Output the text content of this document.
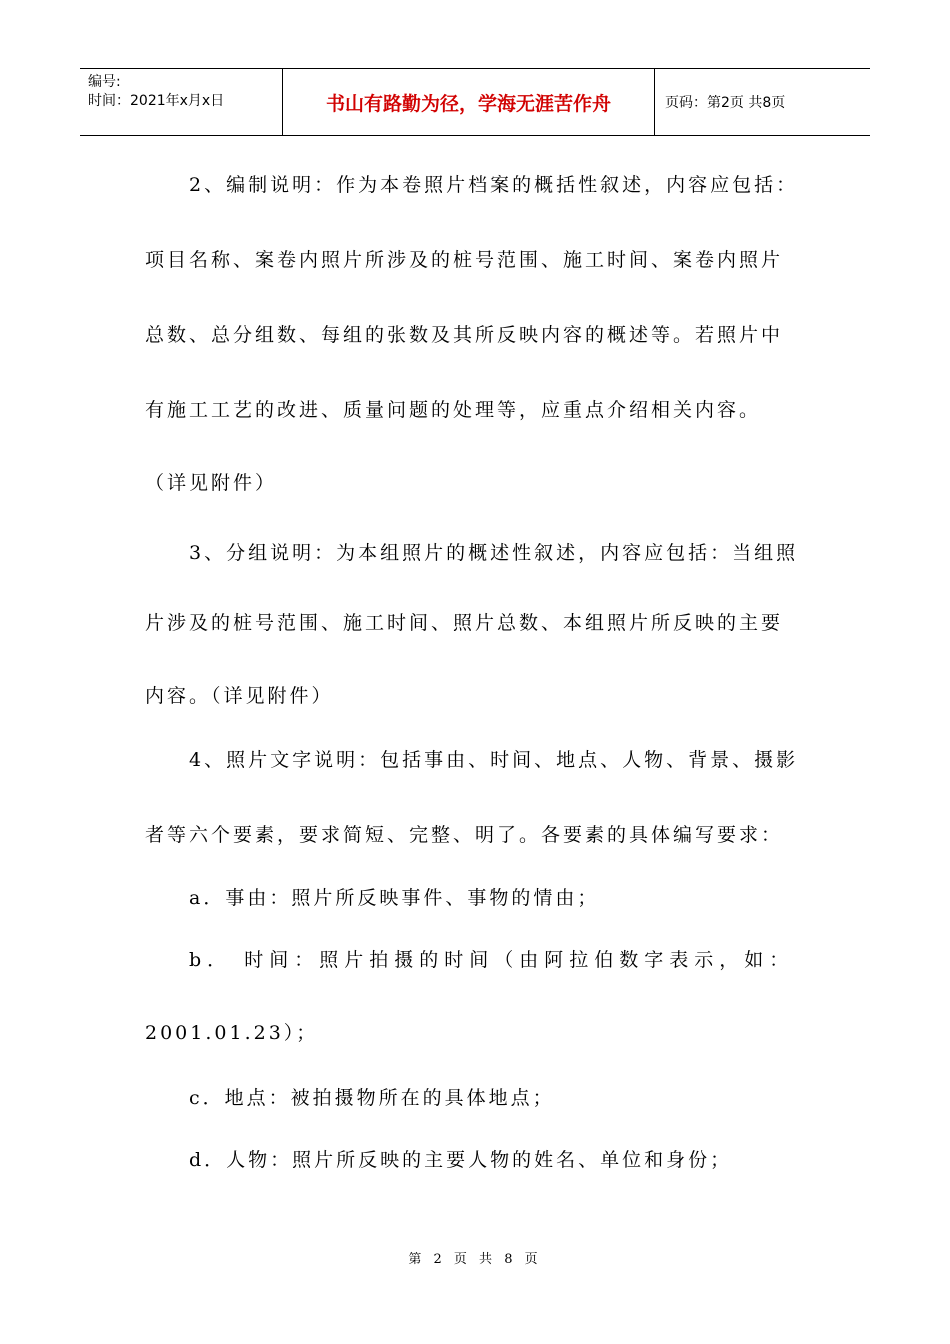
编号:
时间：2021年x月x日	书山有路勤为径，学海无涯苦作舟	页码：第2页 共8页
2、编制说明：作为本卷照片档案的概括性叙述，内容应包括：
项目名称、案卷内照片所涉及的桩号范围、施工时间、案卷内照片
总数、总分组数、每组的张数及其所反映内容的概述等。若照片中
有施工工艺的改进、质量问题的处理等，应重点介绍相关内容。
（详见附件）
3、分组说明：为本组照片的概述性叙述，内容应包括：当组照
片涉及的桩号范围、施工时间、照片总数、本组照片所反映的主要
内容。（详见附件）
4、照片文字说明：包括事由、时间、地点、人物、背景、摄影
者等六个要素，要求简短、完整、明了。各要素的具体编写要求：
a．事由：照片所反映事件、事物的情由；
b． 时间：照片拍摄的时间（由阿拉伯数字表示，如：
2001.01.23）；
c．地点：被拍摄物所在的具体地点；
d．人物：照片所反映的主要人物的姓名、单位和身份；
第 2 页 共 8 页
